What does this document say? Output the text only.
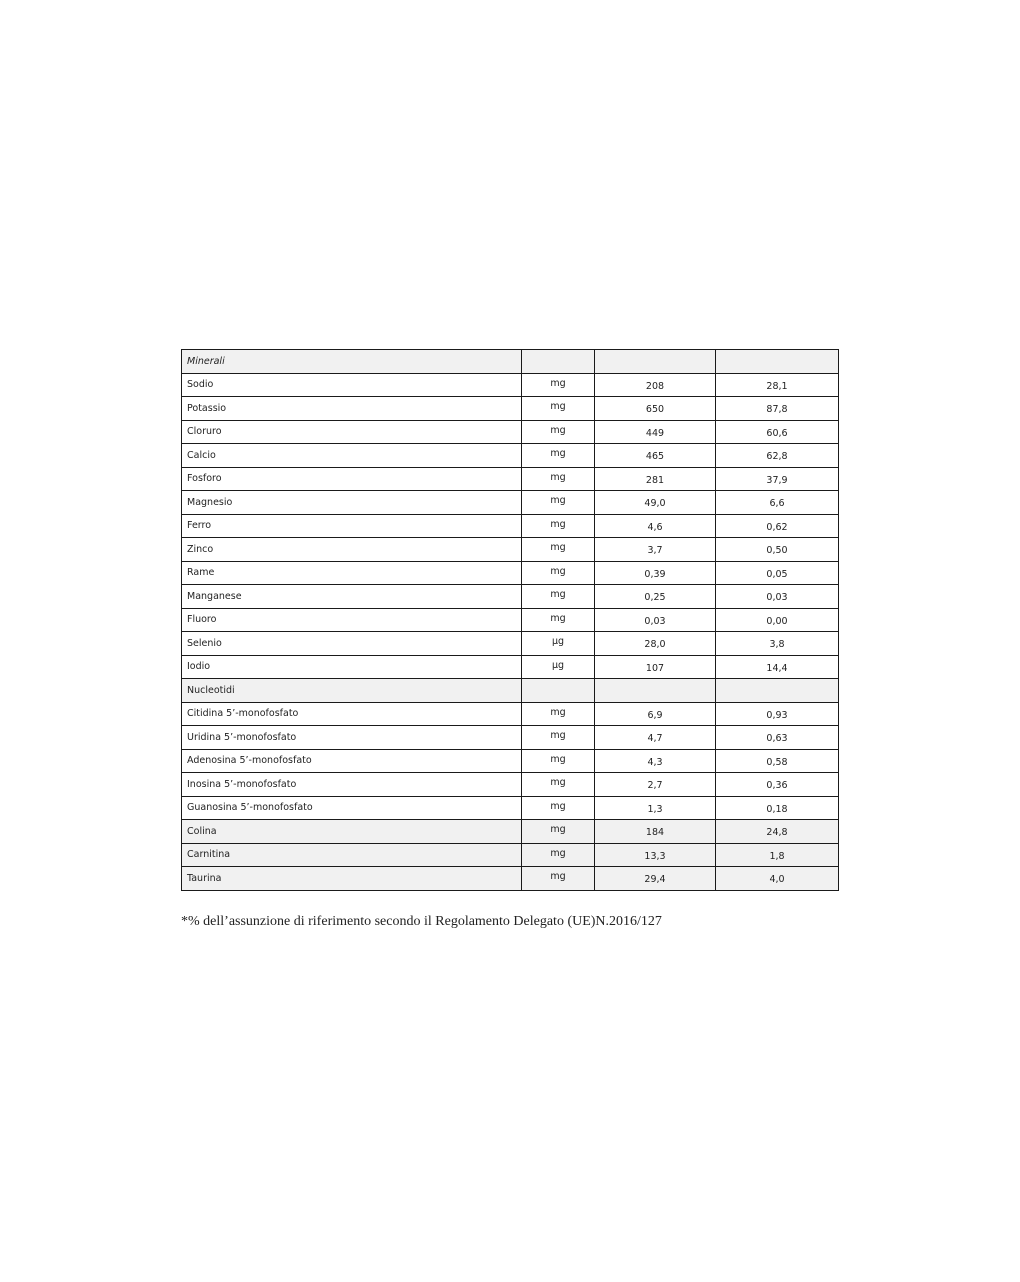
Minerali			
Sodio	mg	208	28,1
Potassio	mg	650	87,8
Cloruro	mg	449	60,6
Calcio	mg	465	62,8
Fosforo	mg	281	37,9
Magnesio	mg	49,0	6,6
Ferro	mg	4,6	0,62
Zinco	mg	3,7	0,50
Rame	mg	0,39	0,05
Manganese	mg	0,25	0,03
Fluoro	mg	0,03	0,00
Selenio	µg	28,0	3,8
Iodio	µg	107	14,4
Nucleotidi			
Citidina 5’-monofosfato	mg	6,9	0,93
Uridina 5’-monofosfato	mg	4,7	0,63
Adenosina 5’-monofosfato	mg	4,3	0,58
Inosina 5’-monofosfato	mg	2,7	0,36
Guanosina 5’-monofosfato	mg	1,3	0,18
Colina	mg	184	24,8
Carnitina	mg	13,3	1,8
Taurina	mg	29,4	4,0
*% dell’assunzione di riferimento secondo il Regolamento Delegato (UE)N.2016/127
